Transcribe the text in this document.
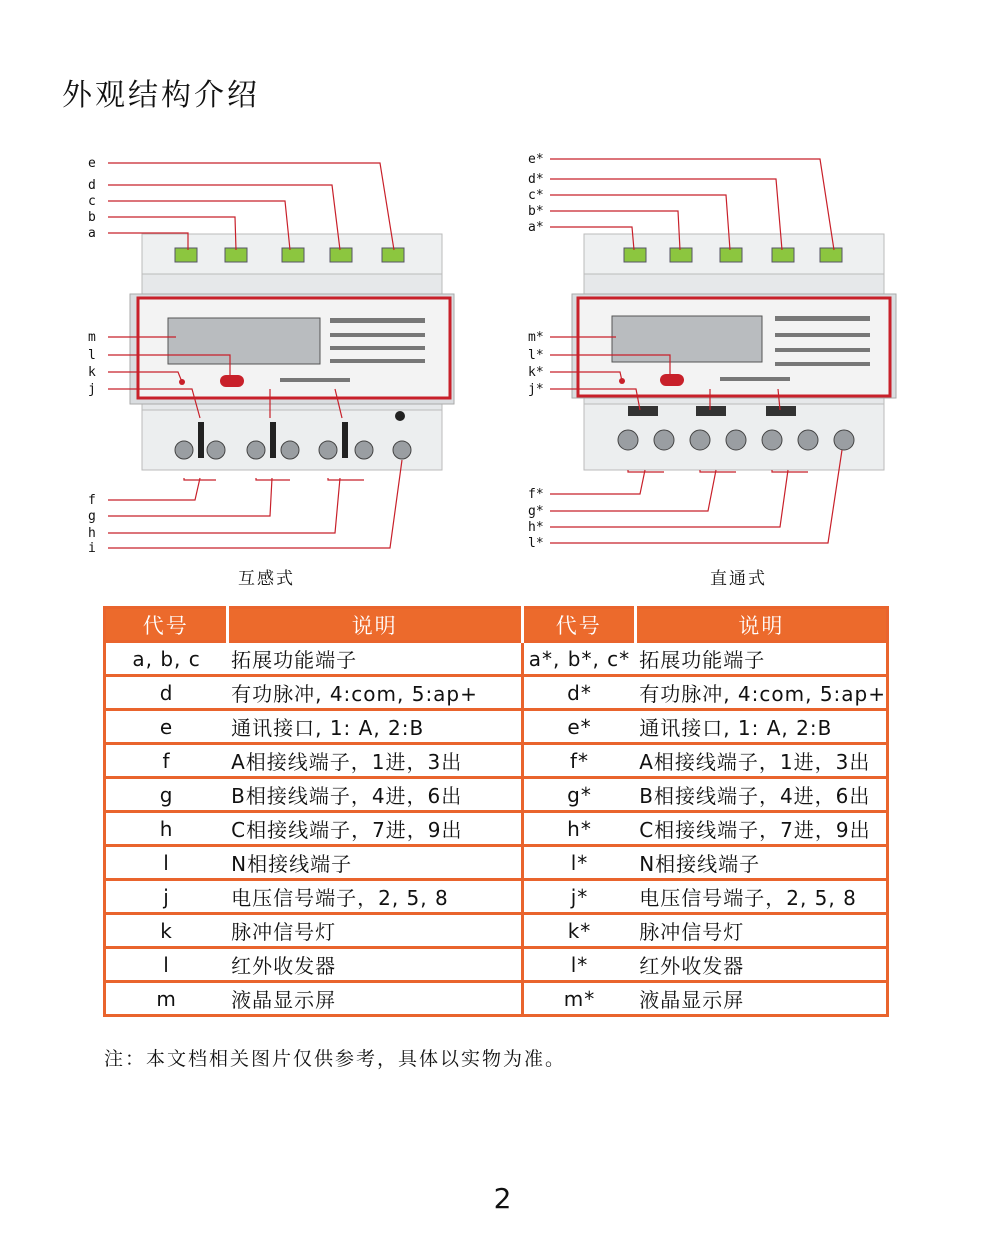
外观结构介绍
e
d
c
b
a
m
l
k
j
f
g
h
i
互感式
e*
d*
c*
b*
a*
m*
l*
k*
j*
f*
g*
h*
l*
直通式
代号	说明	代号	说明
a, b, c	拓展功能端子	a*, b*, c*	拓展功能端子
d	有功脉冲, 4:com, 5:ap+	d*	有功脉冲, 4:com, 5:ap+
e	通讯接口, 1: A, 2:B	e*	通讯接口, 1: A, 2:B
f	A相接线端子，1进，3出	f*	A相接线端子，1进，3出
g	B相接线端子，4进，6出	g*	B相接线端子，4进，6出
h	C相接线端子，7进，9出	h*	C相接线端子，7进，9出
l	N相接线端子	l*	N相接线端子
j	电压信号端子，2, 5, 8	j*	电压信号端子，2, 5, 8
k	脉冲信号灯	k*	脉冲信号灯
l	红外收发器	l*	红外收发器
m	液晶显示屏	m*	液晶显示屏
注：本文档相关图片仅供参考，具体以实物为准。
2
